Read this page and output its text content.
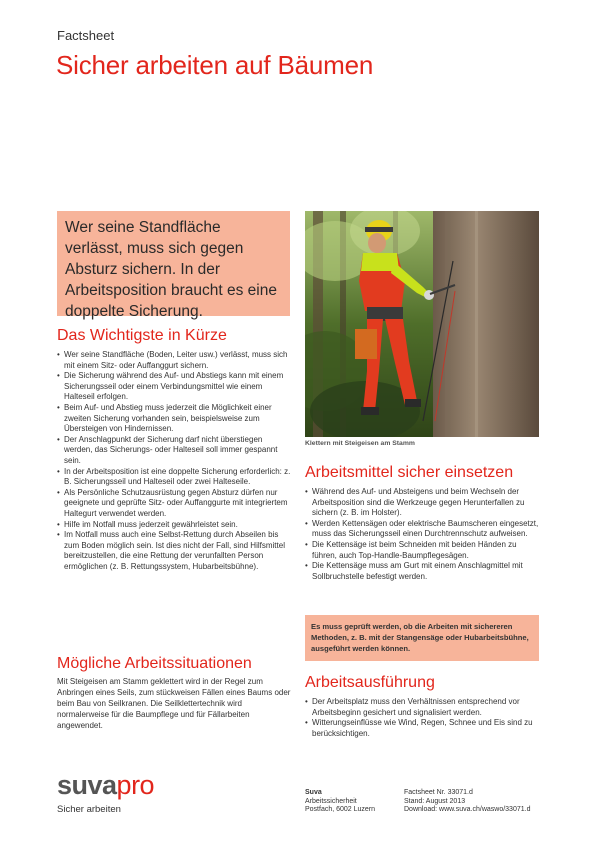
Factsheet
Sicher arbeiten auf Bäumen

Wer seine Standfläche verlässt, muss sich gegen Absturz sichern. In der Arbeitsposition braucht es eine doppelte Sicherung.

Klettern mit Steigeisen am Stamm
Das Wichtigste in Kürze
• Wer seine Standfläche (Boden, Leiter usw.) verlässt, muss sich mit einem Sitz- oder Auffanggurt sichern.
• Die Sicherung während des Auf- und Abstiegs kann mit einem Sicherungsseil oder einem Verbindungsmittel wie einem Halteseil erfolgen.
• Beim Auf- und Abstieg muss jederzeit die Möglichkeit einer zweiten Sicherung vorhanden sein, beispielsweise zum Übersteigen von Hindernissen.
• Der Anschlagpunkt der Sicherung darf nicht überstiegen werden, das Sicherungs- oder Halteseil soll immer gespannt sein.
• In der Arbeitsposition ist eine doppelte Sicherung erforderlich: z. B. Sicherungsseil und Halteseil oder zwei Halteseile.
• Als Persönliche Schutzausrüstung gegen Absturz dürfen nur geeignete und geprüfte Sitz- oder Auffanggurte mit integriertem Haltegurt verwendet werden.
• Hilfe im Notfall muss jederzeit gewährleistet sein.
• Im Notfall muss auch eine Selbst-Rettung durch Abseilen bis zum Boden möglich sein. Ist dies nicht der Fall, sind Hilfsmittel bereitzustellen, die eine Rettung der verunfallten Person ermöglichen (z. B. Rettungssystem, Hubarbeitsbühne).
Mögliche Arbeitssituationen

Mit Steigeisen am Stamm geklettert wird in der Regel zum Anbringen eines Seils, zum stückweisen Fällen eines Baums oder beim Bau von Seilkranen. Die Seilklettertechnik wird normalerweise für die Baumpflege und für Fällarbeiten angewendet.

Arbeitsmittel sicher einsetzen
• Während des Auf- und Absteigens und beim Wechseln der Arbeitsposition sind die Werkzeuge gegen Herunterfallen zu sichern (z. B. im Holster).
• Werden Kettensägen oder elektrische Baumscheren eingesetzt, muss das Sicherungsseil einen Durchtrennschutz aufweisen.
• Die Kettensäge ist beim Schneiden mit beiden Händen zu führen, auch Top-Handle-Baumpflegesägen.
• Die Kettensäge muss am Gurt mit einem Anschlagmittel mit Sollbruchstelle befestigt werden.

Es muss geprüft werden, ob die Arbeiten mit sichereren Methoden, z. B. mit der Stangensäge oder Hubarbeitsbühne, ausgeführt werden können.

Arbeitsausführung
• Der Arbeitsplatz muss den Verhältnissen entsprechend vor Arbeitsbeginn gesichert und signalisiert werden.
• Witterungseinflüsse wie Wind, Regen, Schnee und Eis sind zu berücksichtigen.
suvapro
Sicher arbeiten
Suva
Arbeitssicherheit
Postfach, 6002 Luzern
Factsheet Nr. 33071.d
Stand: August 2013
Download: www.suva.ch/waswo/33071.d
